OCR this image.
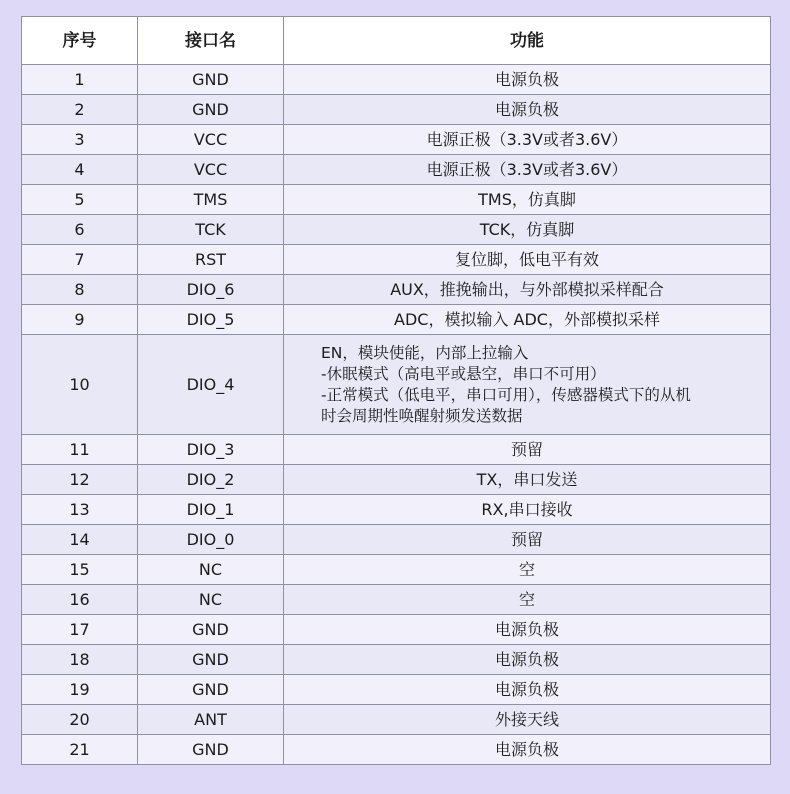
序号	接口名	功能
1	GND	电源负极
2	GND	电源负极
3	VCC	电源正极（3.3V或者3.6V）
4	VCC	电源正极（3.3V或者3.6V）
5	TMS	TMS，仿真脚
6	TCK	TCK，仿真脚
7	RST	复位脚，低电平有效
8	DIO_6	AUX，推挽输出，与外部模拟采样配合
9	DIO_5	ADC，模拟输入 ADC，外部模拟采样
10	DIO_4	EN，模块使能，内部上拉输入
-休眠模式（高电平或悬空，串口不可用）
-正常模式（低电平，串口可用），传感器模式下的从机
时会周期性唤醒射频发送数据

11	DIO_3	预留
12	DIO_2	TX，串口发送
13	DIO_1	RX,串口接收
14	DIO_0	预留
15	NC	空
16	NC	空
17	GND	电源负极
18	GND	电源负极
19	GND	电源负极
20	ANT	外接天线
21	GND	电源负极
